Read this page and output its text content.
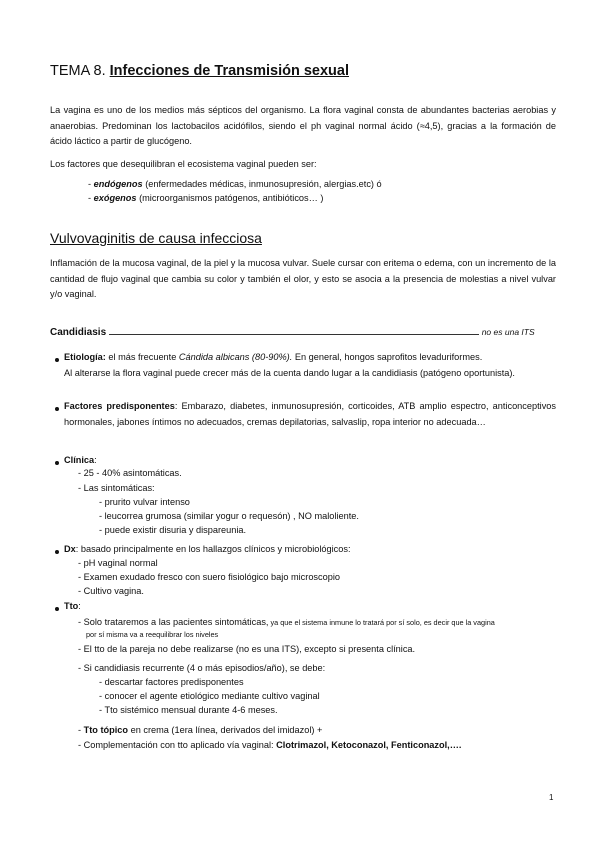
TEMA 8. Infecciones de Transmisión sexual

La vagina es uno de los medios más sépticos del organismo. La flora vaginal consta de abundantes bacterias aerobias y anaerobias. Predominan los lactobacilos acidófilos, siendo el ph vaginal normal ácido (≈4,5), gracias a la formación de ácido láctico a partir de glucógeno.

Los factores que desequilibran el ecosistema vaginal pueden ser:

- endógenos (enfermedades médicas, inmunosupresión, alergias.etc) ó
- exógenos (microorganismos patógenos, antibióticos… )
Vulvovaginitis de causa infecciosa

Inflamación de la mucosa vaginal, de la piel y la mucosa vulvar. Suele cursar con eritema o edema, con un incremento de la cantidad de flujo vaginal que cambia su color y también el olor, y esto se asocia a la presencia de molestias a nivel vulvar y/o vaginal.

Candidiasis	no es una ITS
Etiología: el más frecuente Cándida albicans (80-90%). En general, hongos saprofitos levaduriformes.
Al alterarse la flora vaginal puede crecer más de la cuenta dando lugar a la candidiasis (patógeno oportunista).
Factores predisponentes: Embarazo, diabetes, inmunosupresión, corticoides, ATB amplio espectro, anticonceptivos hormonales, jabones íntimos no adecuados, cremas depilatorias, salvaslip, ropa interior no adecuada…
Clínica:
- 25 - 40% asintomáticas.
- Las sintomáticas:
- prurito vulvar intenso
- leucorrea grumosa (similar yogur o requesón) , NO maloliente.
- puede existir disuria y dispareunia.
Dx: basado principalmente en los hallazgos clínicos y microbiológicos:
- pH vaginal normal
- Examen exudado fresco con suero fisiológico bajo microscopio
- Cultivo vagina.
Tto:
- Solo trataremos a las pacientes sintomáticas, ya que el sistema inmune lo tratará por sí solo, es decir que la vagina
por sí misma va a reequilibrar los niveles
- El tto de la pareja no debe realizarse (no es una ITS), excepto si presenta clínica.
- Si candidiasis recurrente (4 o más episodios/año), se debe:
- descartar factores predisponentes
- conocer el agente etiológico mediante cultivo vaginal
- Tto sistémico mensual durante 4-6 meses.
- Tto tópico en crema (1era línea, derivados del imidazol) +
- Complementación con tto aplicado vía vaginal: Clotrimazol, Ketoconazol, Fenticonazol,….
1
